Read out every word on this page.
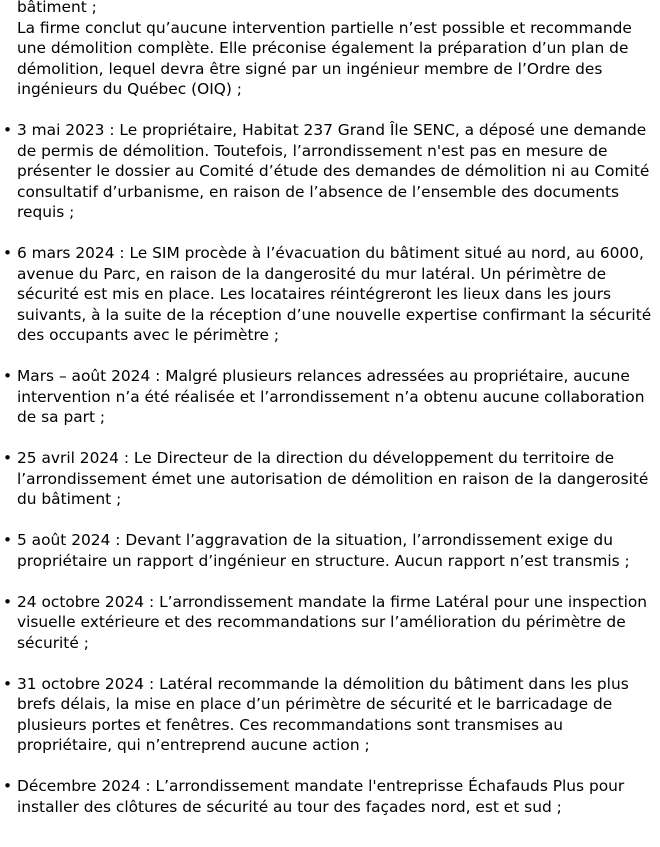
bâtiment ;

La firme conclut qu’aucune intervention partielle n’est possible et recommande une démolition complète. Elle préconise également la préparation d’un plan de démolition, lequel devra être signé par un ingénieur membre de l’Ordre des ingénieurs du Québec (OIQ) ;

• 3 mai 2023 : Le propriétaire, Habitat 237 Grand Île SENC, a déposé une demande de permis de démolition. Toutefois, l’arrondissement n'est pas en mesure de présenter le dossier au Comité d’étude des demandes de démolition ni au Comité consultatif d’urbanisme, en raison de l’absence de l’ensemble des documents requis ;
• 6 mars 2024 : Le SIM procède à l’évacuation du bâtiment situé au nord, au 6000, avenue du Parc, en raison de la dangerosité du mur latéral. Un périmètre de sécurité est mis en place. Les locataires réintégreront les lieux dans les jours suivants, à la suite de la réception d’une nouvelle expertise confirmant la sécurité des occupants avec le périmètre ;
• Mars – août 2024 : Malgré plusieurs relances adressées au propriétaire, aucune intervention n’a été réalisée et l’arrondissement n’a obtenu aucune collaboration de sa part ;
• 25 avril 2024 : Le Directeur de la direction du développement du territoire de l’arrondissement émet une autorisation de démolition en raison de la dangerosité du bâtiment ;
• 5 août 2024 : Devant l’aggravation de la situation, l’arrondissement exige du propriétaire un rapport d’ingénieur en structure. Aucun rapport n’est transmis ;
• 24 octobre 2024 : L’arrondissement mandate la firme Latéral pour une inspection visuelle extérieure et des recommandations sur l’amélioration du périmètre de sécurité ;
• 31 octobre 2024 : Latéral recommande la démolition du bâtiment dans les plus brefs délais, la mise en place d’un périmètre de sécurité et le barricadage de plusieurs portes et fenêtres. Ces recommandations sont transmises au propriétaire, qui n’entreprend aucune action ;
• Décembre 2024 : L’arrondissement mandate l'entreprisse Échafauds Plus pour installer des clôtures de sécurité au tour des façades nord, est et sud ;
